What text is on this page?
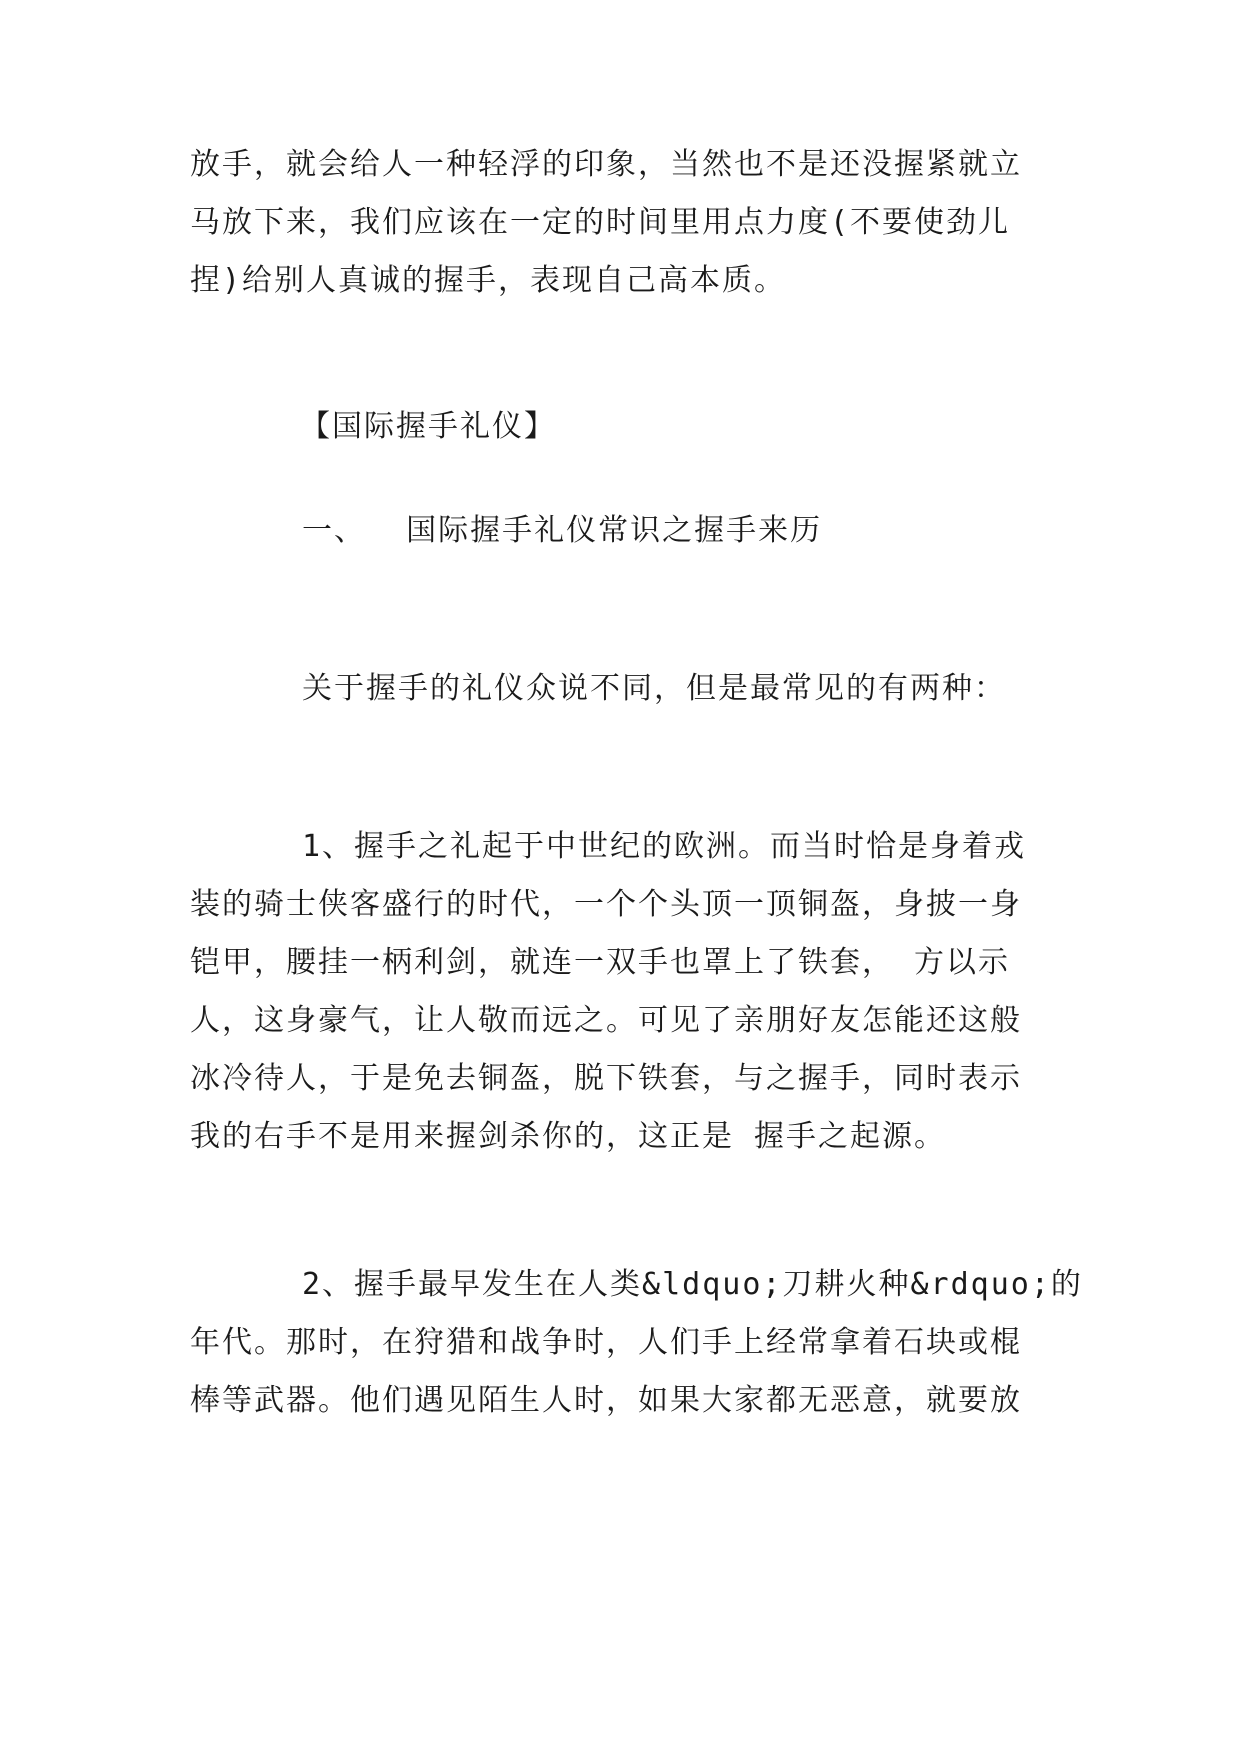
放手，就会给人一种轻浮的印象，当然也不是还没握紧就立
马放下来，我们应该在一定的时间里用点力度(不要使劲儿
捏)给别人真诚的握手，表现自己高本质。
【国际握手礼仪】
一、  国际握手礼仪常识之握手来历
关于握手的礼仪众说不同，但是最常见的有两种：
1、握手之礼起于中世纪的欧洲。而当时恰是身着戎
装的骑士侠客盛行的时代，一个个头顶一顶铜盔，身披一身
铠甲，腰挂一柄利剑，就连一双手也罩上了铁套， 方以示
人，这身豪气，让人敬而远之。可见了亲朋好友怎能还这般
冰冷待人，于是免去铜盔，脱下铁套，与之握手，同时表示
我的右手不是用来握剑杀你的，这正是 握手之起源。
2、握手最早发生在人类&ldquo;刀耕火种&rdquo;的
年代。那时，在狩猎和战争时，人们手上经常拿着石块或棍
棒等武器。他们遇见陌生人时，如果大家都无恶意，就要放
